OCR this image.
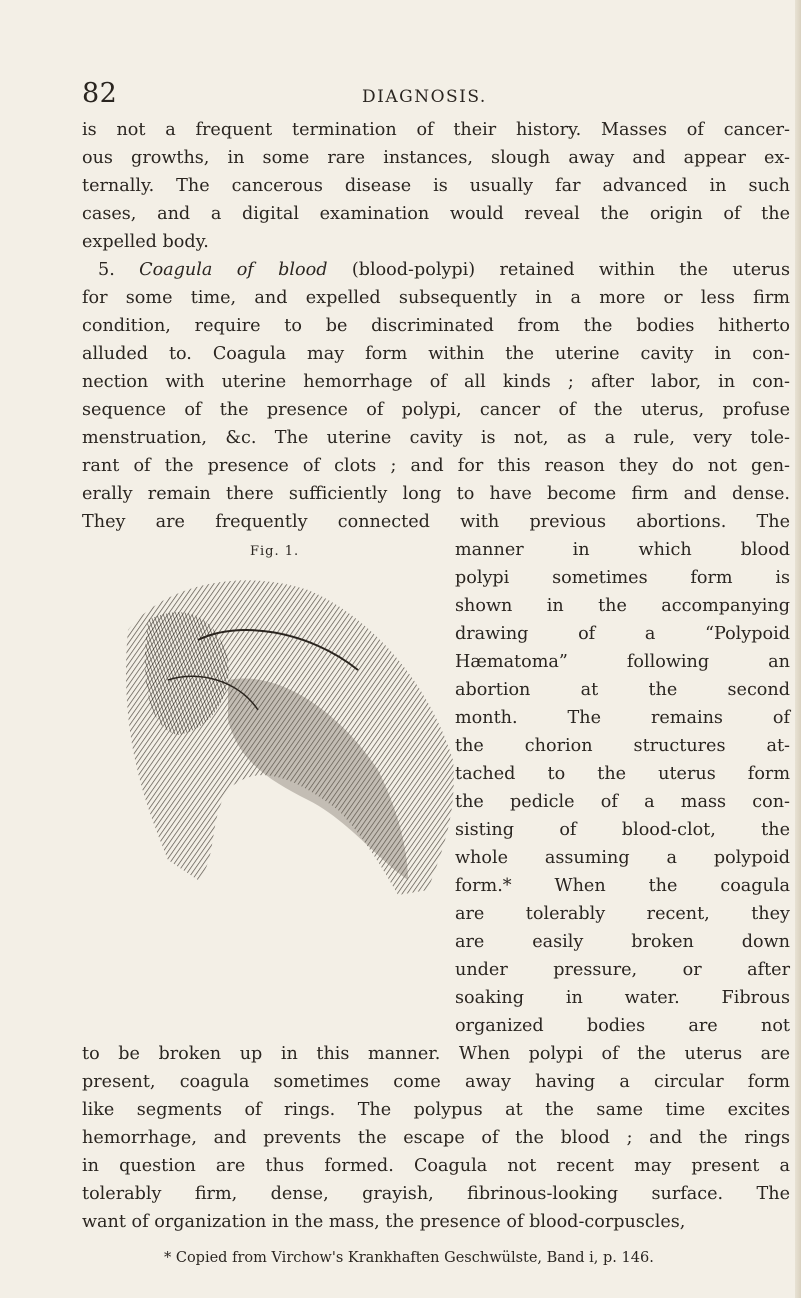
82	DIAGNOSIS.
is not a frequent termination of their history. Masses of cancer-
ous growths, in some rare instances, slough away and appear ex-
ternally. The cancerous disease is usually far advanced in such
cases, and a digital examination would reveal the origin of the
expelled body.
5. Coagula of blood (blood-polypi) retained within the uterus
for some time, and expelled subsequently in a more or less firm
condition, require to be discriminated from the bodies hitherto
alluded to. Coagula may form within the uterine cavity in con-
nection with uterine hemorrhage of all kinds ; after labor, in con-
sequence of the presence of polypi, cancer of the uterus, profuse
menstruation, &c. The uterine cavity is not, as a rule, very tole-
rant of the presence of clots ; and for this reason they do not gen-
erally remain there sufficiently long to have become firm and dense.
They are frequently connected with previous abortions. The
Fig. 1.	manner in which blood
polypi sometimes form is
shown in the accompanying
drawing of a “Polypoid
Hæmatoma” following an
abortion at the second
month. The remains of
the chorion structures at-
tached to the uterus form
the pedicle of a mass con-
sisting of blood-clot, the
whole assuming a polypoid
form.* When the coagula
are tolerably recent, they
are easily broken down
under pressure, or after
soaking in water. Fibrous
organized bodies are not
to be broken up in this manner. When polypi of the uterus are
present, coagula sometimes come away having a circular form
like segments of rings. The polypus at the same time excites
hemorrhage, and prevents the escape of the blood ; and the rings
in question are thus formed. Coagula not recent may present a
tolerably firm, dense, grayish, fibrinous-looking surface. The
want of organization in the mass, the presence of blood-corpuscles,
* Copied from Virchow's Krankhaften Geschwülste, Band i, p. 146.
